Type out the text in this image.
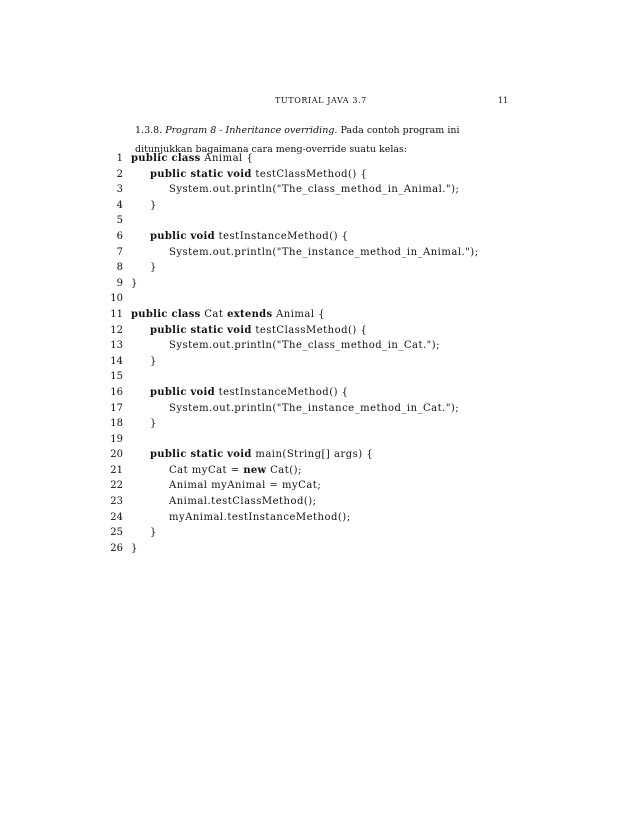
TUTORIAL JAVA 3.7	11
1.3.8. Program 8 - Inheritance overriding. Pada contoh program ini ditunjukkan bagaimana cara meng-override suatu kelas:
1 public class Animal {
2	public static void testClassMethod() {
3	System.out.println("The_class_method_in_Animal.");
4	}
5
6	public void testInstanceMethod() {
7	System.out.println("The_instance_method_in_Animal.");
8	}
9 }
10
11 public class Cat extends Animal {
12	public static void testClassMethod() {
13	System.out.println("The_class_method_in_Cat.");
14	}
15
16	public void testInstanceMethod() {
17	System.out.println("The_instance_method_in_Cat.");
18	}
19
20	public static void main(String[] args) {
21	Cat myCat = new Cat();
22	Animal myAnimal = myCat;
23	Animal.testClassMethod();
24	myAnimal.testInstanceMethod();
25	}
26 }
